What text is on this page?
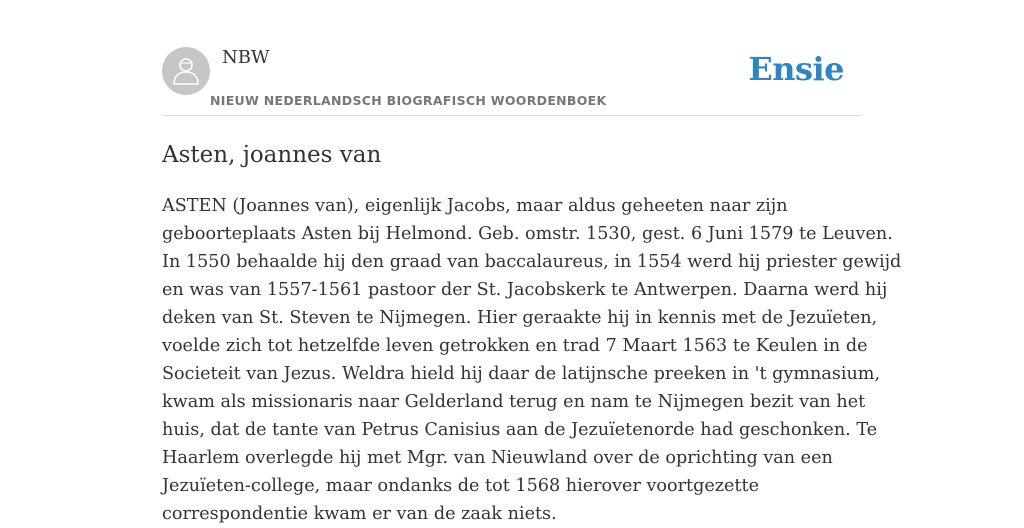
NBW
NIEUW NEDERLANDSCH BIOGRAFISCH WOORDENBOEK
Ensie
Asten, joannes van
ASTEN (Joannes van), eigenlijk Jacobs, maar aldus geheeten naar zijn
geboorteplaats Asten bij Helmond. Geb. omstr. 1530, gest. 6 Juni 1579 te Leuven.
In 1550 behaalde hij den graad van baccalaureus, in 1554 werd hij priester gewijd
en was van 1557-1561 pastoor der St. Jacobskerk te Antwerpen. Daarna werd hij
deken van St. Steven te Nijmegen. Hier geraakte hij in kennis met de Jezuïeten,
voelde zich tot hetzelfde leven getrokken en trad 7 Maart 1563 te Keulen in de
Societeit van Jezus. Weldra hield hij daar de latijnsche preeken in 't gymnasium,
kwam als missionaris naar Gelderland terug en nam te Nijmegen bezit van het
huis, dat de tante van Petrus Canisius aan de Jezuïetenorde had geschonken. Te
Haarlem overlegde hij met Mgr. van Nieuwland over de oprichting van een
Jezuïeten-college, maar ondanks de tot 1568 hierover voortgezette
correspondentie kwam er van de zaak niets.
